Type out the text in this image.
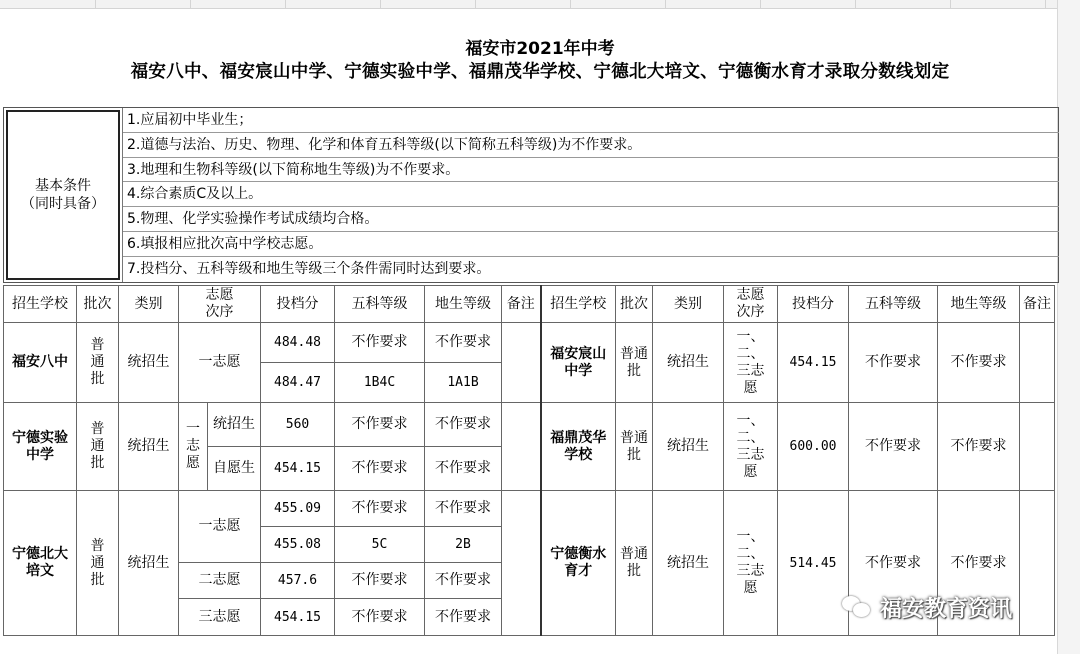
福安市2021年中考
福安八中、福安宸山中学、宁德实验中学、福鼎茂华学校、宁德北大培文、宁德衡水育才录取分数线划定
基本条件
（同时具备）
1.应届初中毕业生；
2.道德与法治、历史、物理、化学和体育五科等级(以下简称五科等级)为不作要求。
3.地理和生物科等级(以下简称地生等级)为不作要求。
4.综合素质C及以上。
5.物理、化学实验操作考试成绩均合格。
6.填报相应批次高中学校志愿。
7.投档分、五科等级和地生等级三个条件需同时达到要求。
招生学校	批次	类别	志愿次序		投档分	五科等级	地生等级	备注	招生学校	批次	类别	志愿次序	投档分	五科等级	地生等级	备注
福安八中	普通批	统招生	一志愿		484.48	不作要求	不作要求		福安宸山中学	普通批	统招生	一、二、三志愿	454.15	不作要求	不作要求	
					484.47	1B4C	1A1B									
宁德实验中学	普通批	统招生	一志愿	统招生	560	不作要求	不作要求		福鼎茂华学校	普通批	统招生	一、二、三志愿	600.00	不作要求	不作要求	
				自愿生	454.15	不作要求	不作要求									
宁德北大培文	普通批	统招生	一志愿		455.09	不作要求	不作要求		宁德衡水育才	普通批	统招生	一、二、三志愿	514.45	不作要求	不作要求	
					455.08	5C	2B									
			二志愿		457.6	不作要求	不作要求									
			三志愿		454.15	不作要求	不作要求										福安教育资讯
